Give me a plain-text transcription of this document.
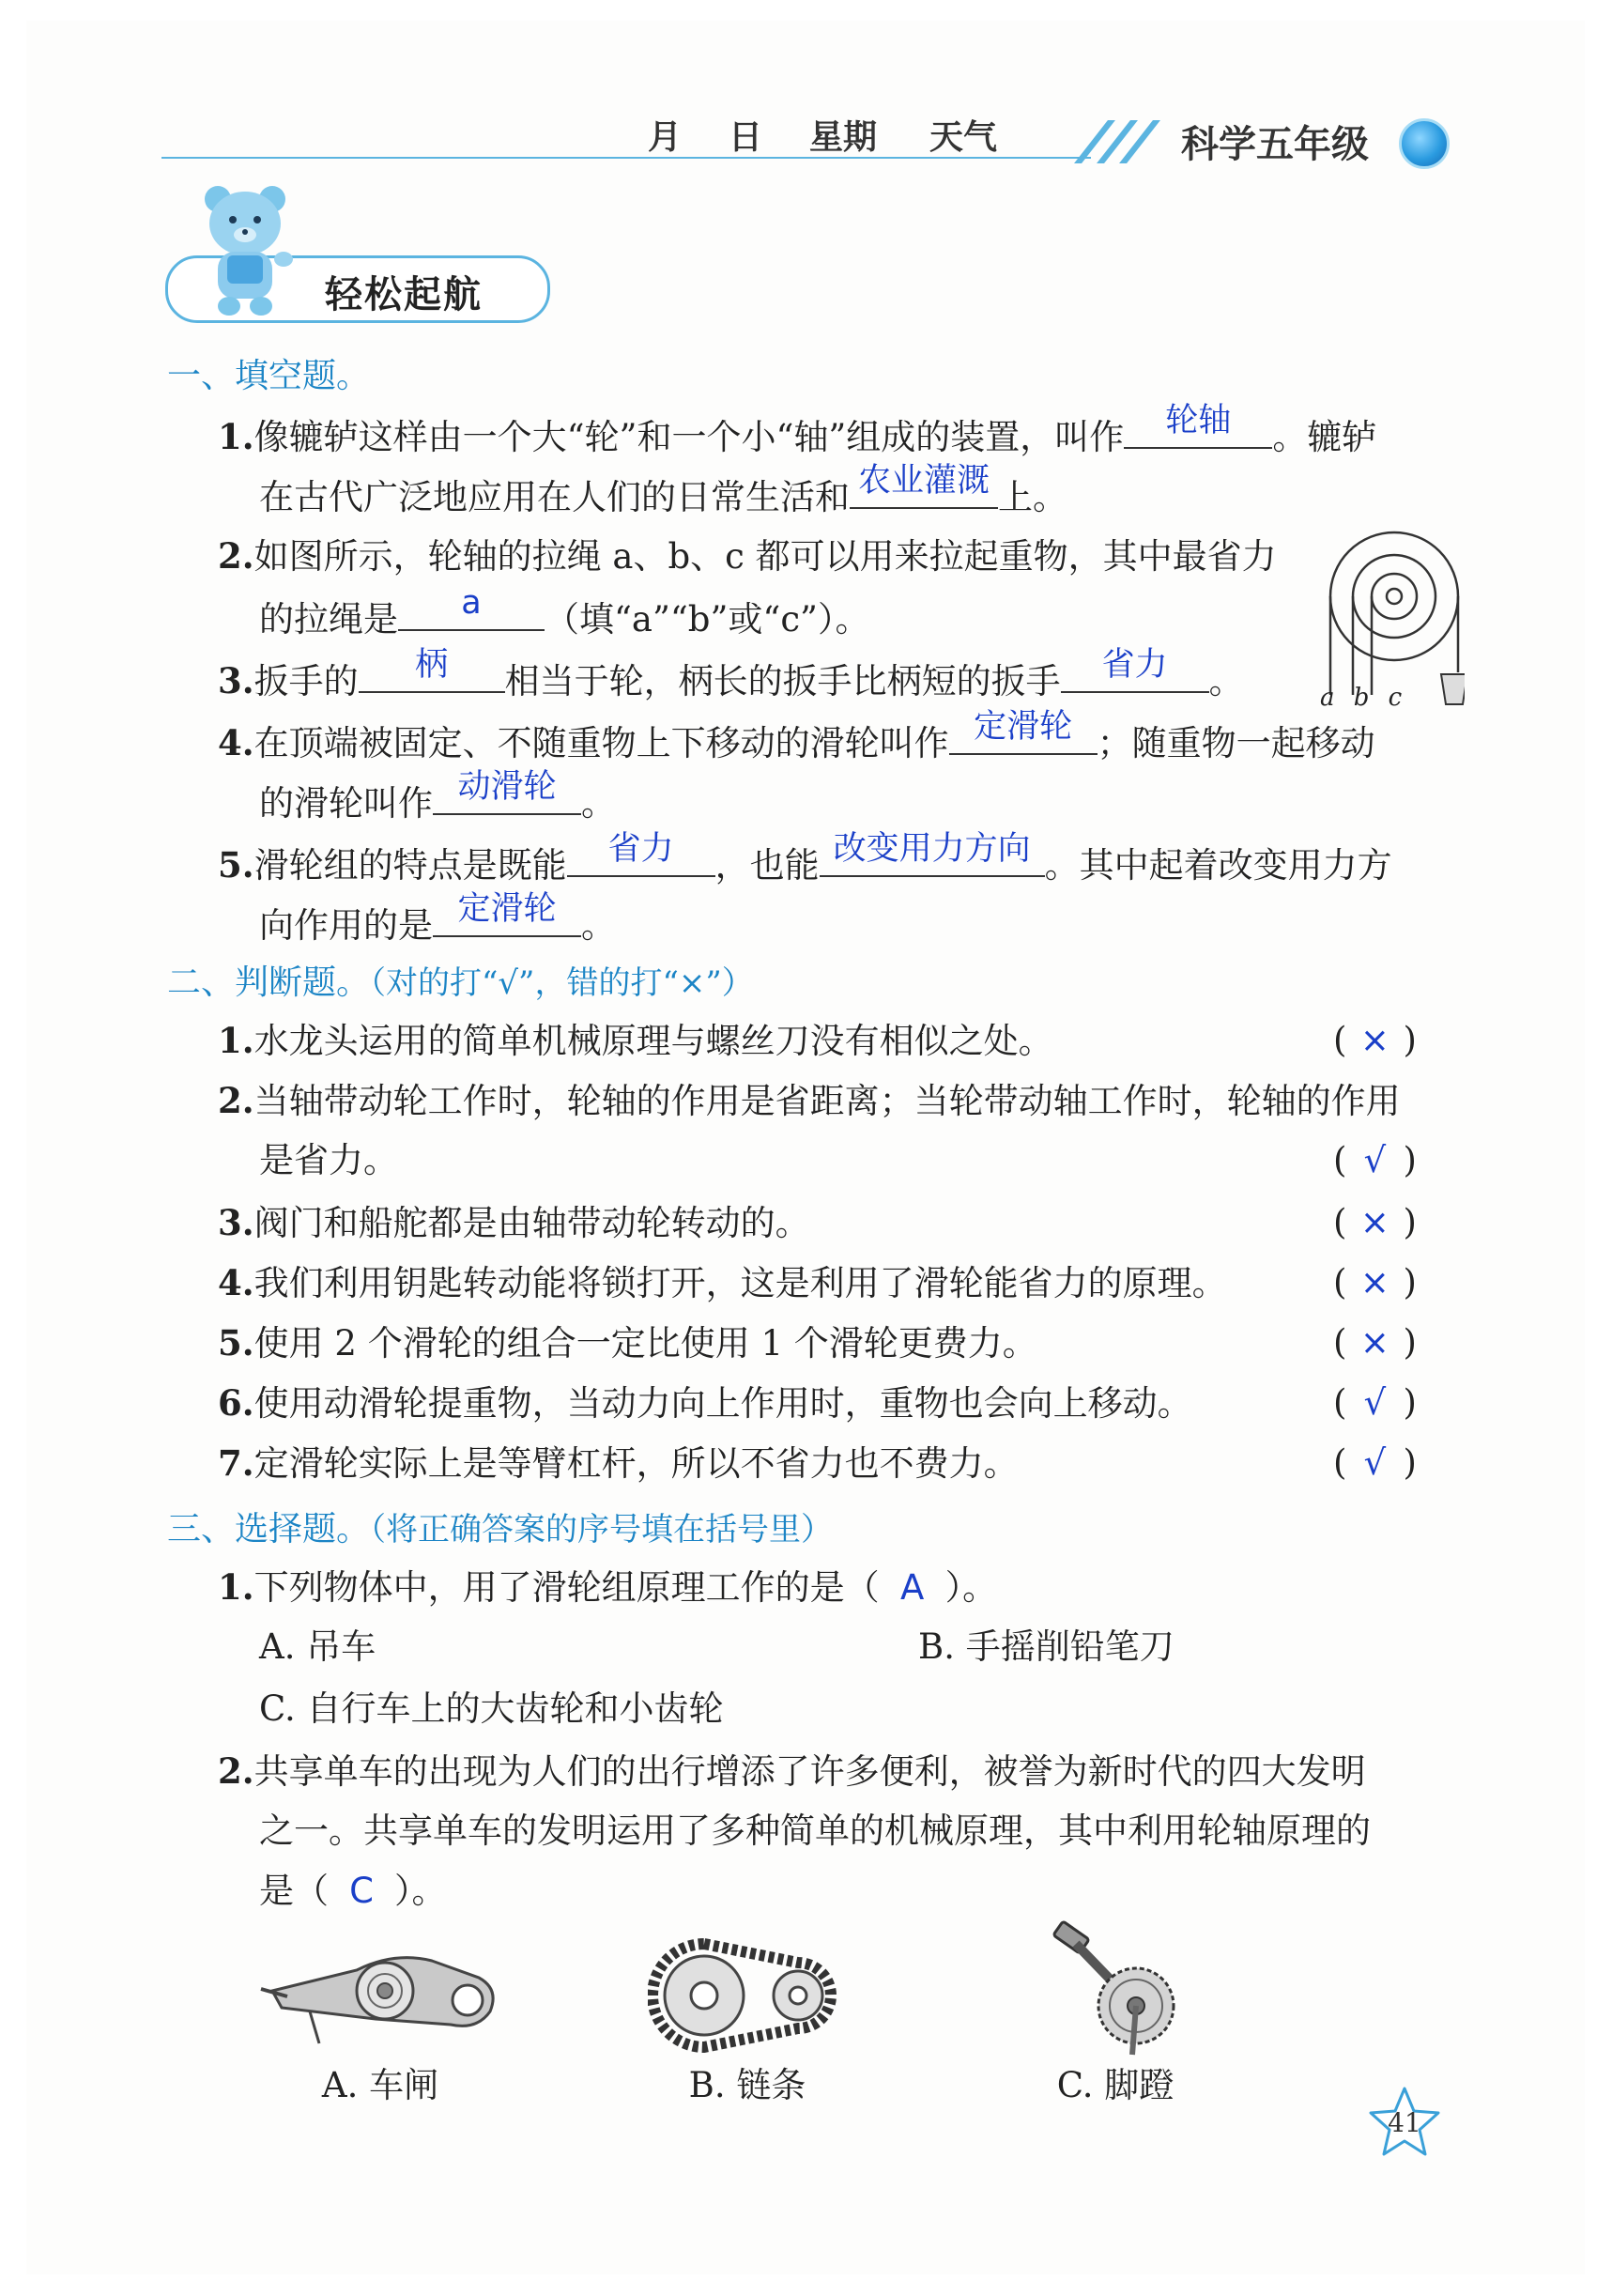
月 日 星期 天气	科学五年级
轻松起航
一、填空题。
1.像辘轳这样由一个大“轮”和一个小“轴”组成的装置，叫作	轮轴	。辘轳
在古代广泛地应用在人们的日常生活和 农业灌溉 上。
2.如图所示，轮轴的拉绳 a、b、c 都可以用来拉起重物，其中最省力
的拉绳是	a	（填“a”“b”或“c”）。
a b c
3.扳手的	柄	相当于轮，柄长的扳手比柄短的扳手	省力	。
4.在顶端被固定、不随重物上下移动的滑轮叫作 定滑轮 ；随重物一起移动
的滑轮叫作 动滑轮 。
5.滑轮组的特点是既能	省力	，也能 改变用力方向 。其中起着改变用力方
向作用的是 定滑轮 。
二、判断题。（对的打“√”，错的打“×”）
1.水龙头运用的简单机械原理与螺丝刀没有相似之处。	( × )
2.当轴带动轮工作时，轮轴的作用是省距离；当轮带动轴工作时，轮轴的作用
是省力。	( √ )
3.阀门和船舵都是由轴带动轮转动的。	( × )
4.我们利用钥匙转动能将锁打开，这是利用了滑轮能省力的原理。	( × )
5.使用 2 个滑轮的组合一定比使用 1 个滑轮更费力。	( × )
6.使用动滑轮提重物，当动力向上作用时，重物也会向上移动。	( √ )
7.定滑轮实际上是等臂杠杆，所以不省力也不费力。	( √ )
三、选择题。（将正确答案的序号填在括号里）
1.下列物体中，用了滑轮组原理工作的是（ A ）。
A. 吊车	B. 手摇削铅笔刀
C. 自行车上的大齿轮和小齿轮
2.共享单车的出现为人们的出行增添了许多便利，被誉为新时代的四大发明
之一。共享单车的发明运用了多种简单的机械原理，其中利用轮轴原理的
是（ C ）。
A. 车闸	B. 链条	C. 脚蹬
41
